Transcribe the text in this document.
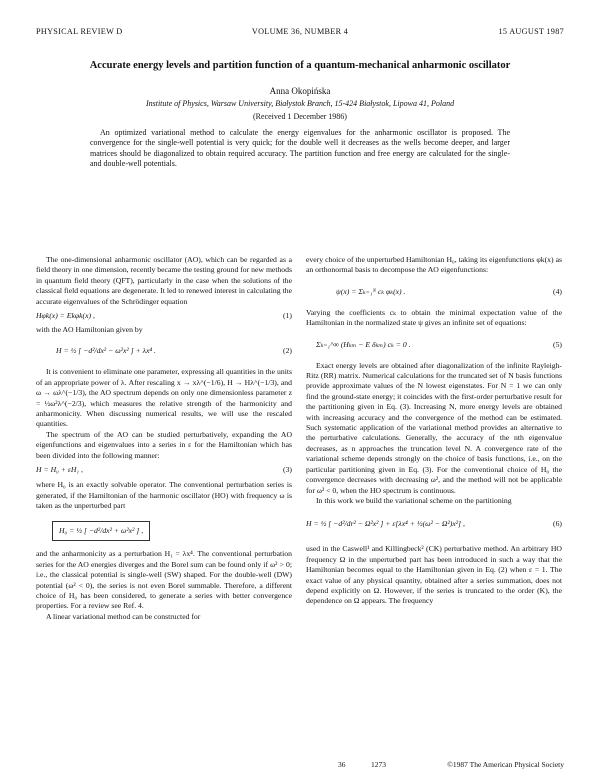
PHYSICAL REVIEW D	VOLUME 36, NUMBER 4	15 AUGUST 1987
Accurate energy levels and partition function of a quantum-mechanical anharmonic oscillator
Anna Okopińska
Institute of Physics, Warsaw University, Białystok Branch, 15-424 Białystok, Lipowa 41, Poland
(Received 1 December 1986)

An optimized variational method to calculate the energy eigenvalues for the anharmonic oscillator is proposed. The convergence for the single-well potential is very quick; for the double well it decreases as the wells become deeper, and larger matrices should be diagonalized to obtain required accuracy. The partition function and free energy are calculated for the single- and double-well potentials.

The one-dimensional anharmonic oscillator (AO), which can be regarded as a field theory in one dimension, recently became the testing ground for new methods in quantum field theory (QFT), particularly in the case when the solutions of the classical field equations are degenerate. It led to renewed interest in calculating the accurate eigenvalues of the Schrödinger equation

Hφk(x) = Ekφk(x) ,	(1)

with the AO Hamiltonian given by

H = ½ [ −d²/dx² − ω²x² ] + λx⁴ .	(2)

It is convenient to eliminate one parameter, expressing all quantities in the units of an appropriate power of λ. After rescaling x → xλ^(−1/6), H → Hλ^(−1/3), and ω → ωλ^(−1/3), the AO spectrum depends on only one dimensionless parameter z = ½ω²λ^(−2/3), which measures the relative strength of the harmonicity and anharmonicity. When discussing numerical results, we will use the rescaled quantities.

The spectrum of the AO can be studied perturbatively, expanding the AO eigenfunctions and eigenvalues into a series in ε for the Hamiltonian which has been divided into the following manner:

H = H₀ + εH₁ ,	(3)

where H₀ is an exactly solvable operator. The conventional perturbation series is generated, if the Hamiltonian of the harmonic oscillator (HO) with frequency ω is taken as the unperturbed part

H₀ = ½ [ −d²/dx² + ω²x² ] ,

and the anharmonicity as a perturbation H₁ = λx⁴. The conventional perturbation series for the AO energies diverges and the Borel sum can be found only if ω² > 0; i.e., the classical potential is single-well (SW) shaped. For the double-well (DW) potential (ω² < 0), the series is not even Borel summable. Therefore, a different choice of H₀ has been considered, to generate a series with better convergence properties. For a review see Ref. 4.

A linear variational method can be constructed for

every choice of the unperturbed Hamiltonian H₀, taking its eigenfunctions φk(x) as an orthonormal basis to decompose the AO eigenfunctions:

ψ(x) = Σₖ₌₁ᴺ cₖ φₖ(x) .	(4)

Varying the coefficients cₖ to obtain the minimal expectation value of the Hamiltonian in the normalized state ψ gives an infinite set of equations:

Σₖ₌₁^∞ (Hₖₘ − E δₖₘ) cₖ = 0 .	(5)

Exact energy levels are obtained after diagonalization of the infinite Rayleigh-Ritz (RR) matrix. Numerical calculations for the truncated set of N basis functions provide approximate values of the N lowest eigenstates. For N = 1 we can only find the ground-state energy; it coincides with the first-order perturbative result for the partitioning given in Eq. (3). Increasing N, more energy levels are obtained with increasing accuracy and the convergence of the method can be estimated. Such systematic application of the variational method provides an alternative to the perturbative calculations. Generally, the accuracy of the nth eigenvalue decreases, as n approaches the truncation level N. A convergence rate of the variational scheme depends strongly on the choice of basis functions, i.e., on the particular partitioning given in Eq. (3). For the conventional choice of H₀ the convergence decreases with decreasing ω², and the method will not be applicable for ω² < 0, when the HO spectrum is continuous.

In this work we build the variational scheme on the partitioning

H = ½ [ −d²/dr² − Ω²x² ] + ε[λx⁴ + ½(ω² − Ω²)x²] ,	(6)

used in the Caswell¹ and Killingbeck² (CK) perturbative method. An arbitrary HO frequency Ω in the unperturbed part has been introduced in such a way that the Hamiltonian becomes equal to the Hamiltonian given in Eq. (2) when ε = 1. The exact value of any physical quantity, obtained after a series summation, does not depend explicitly on Ω. However, if the series is truncated to the order (K), the dependence on Ω appears. The frequency

36	1273	©1987 The American Physical Society
